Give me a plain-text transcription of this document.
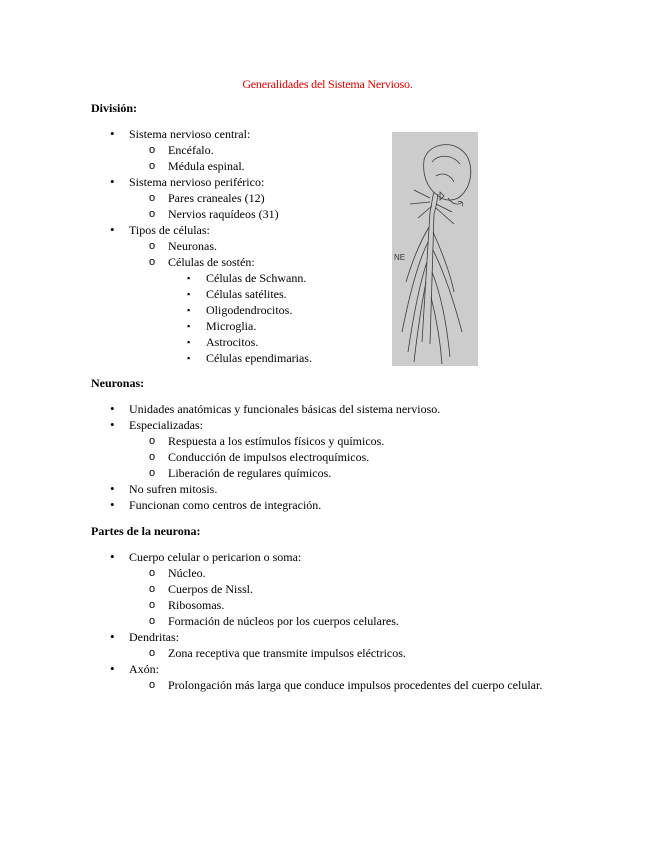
Generalidades del Sistema Nervioso.
División:
• Sistema nervioso central:
o Encéfalo.
o Médula espinal.
• Sistema nervioso periférico:
o Pares craneales (12)
o Nervios raquídeos (31)
• Tipos de células:
o Neuronas.
o Células de sostén:
▪ Células de Schwann.
▪ Células satélites.
▪ Oligodendrocitos.
▪ Microglia.
▪ Astrocitos.
▪ Células ependimarias.
Neuronas:
• Unidades anatómicas y funcionales básicas del sistema nervioso.
• Especializadas:
o Respuesta a los estímulos físicos y químicos.
o Conducción de impulsos electroquímicos.
o Liberación de regulares químicos.
• No sufren mitosis.
• Funcionan como centros de integración.
Partes de la neurona:
• Cuerpo celular o pericarion o soma:
o Núcleo.
o Cuerpos de Nissl.
o Ribosomas.
o Formación de núcleos por los cuerpos celulares.
• Dendritas:
o Zona receptiva que transmite impulsos eléctricos.
• Axón:
o Prolongación más larga que conduce impulsos procedentes del cuerpo celular.
NE
